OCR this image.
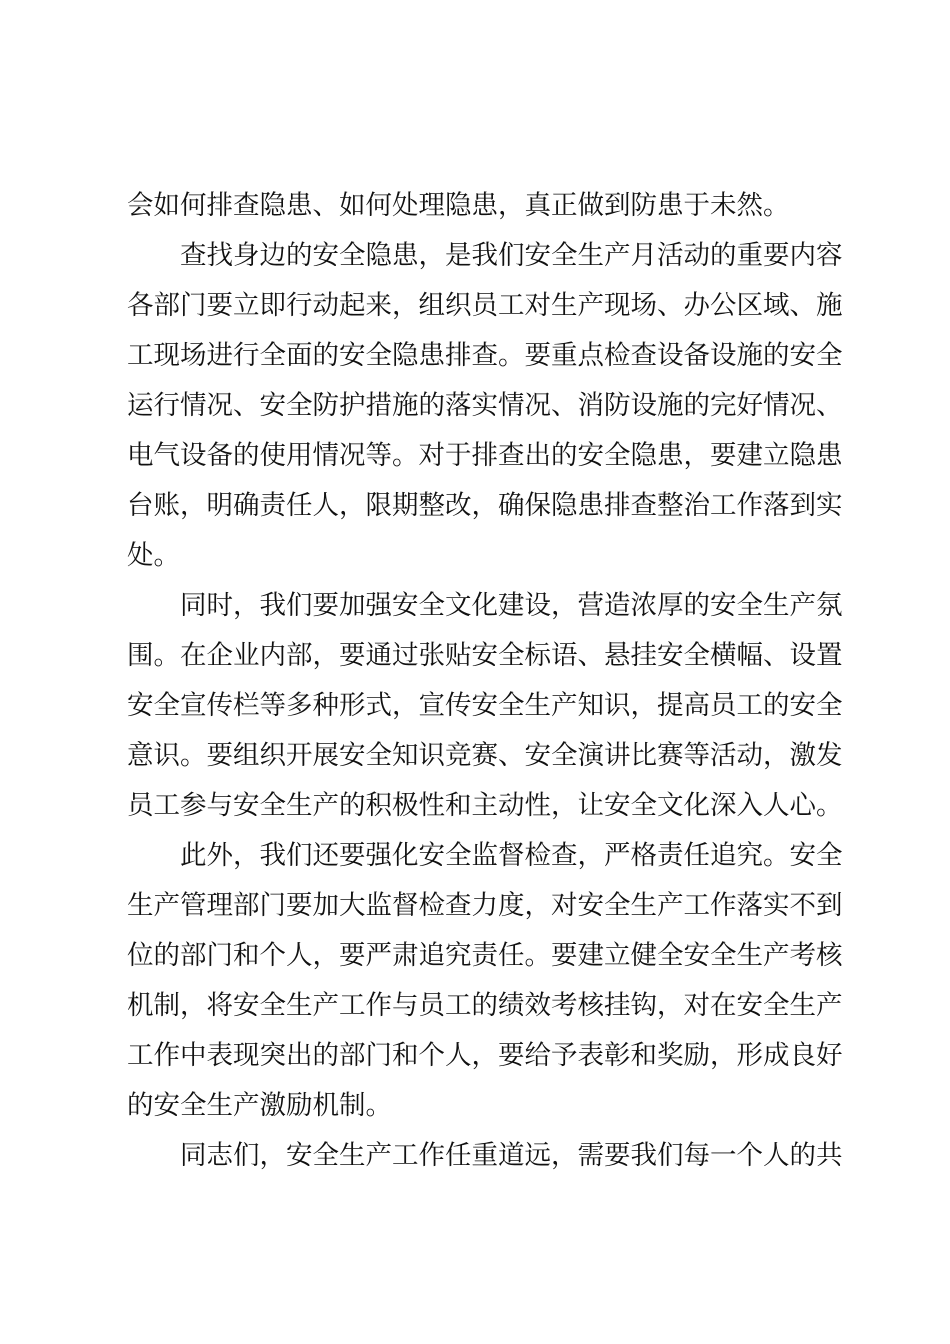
会如何排查隐患、如何处理隐患，真正做到防患于未然。
查找身边的安全隐患，是我们安全生产月活动的重要内容
各部门要立即行动起来，组织员工对生产现场、办公区域、施
工现场进行全面的安全隐患排查。要重点检查设备设施的安全
运行情况、安全防护措施的落实情况、消防设施的完好情况、
电气设备的使用情况等。对于排查出的安全隐患，要建立隐患
台账，明确责任人，限期整改，确保隐患排查整治工作落到实
处。
同时，我们要加强安全文化建设，营造浓厚的安全生产氛
围。在企业内部，要通过张贴安全标语、悬挂安全横幅、设置
安全宣传栏等多种形式，宣传安全生产知识，提高员工的安全
意识。要组织开展安全知识竞赛、安全演讲比赛等活动，激发
员工参与安全生产的积极性和主动性，让安全文化深入人心。
此外，我们还要强化安全监督检查，严格责任追究。安全
生产管理部门要加大监督检查力度，对安全生产工作落实不到
位的部门和个人，要严肃追究责任。要建立健全安全生产考核
机制，将安全生产工作与员工的绩效考核挂钩，对在安全生产
工作中表现突出的部门和个人，要给予表彰和奖励，形成良好
的安全生产激励机制。
同志们，安全生产工作任重道远，需要我们每一个人的共
